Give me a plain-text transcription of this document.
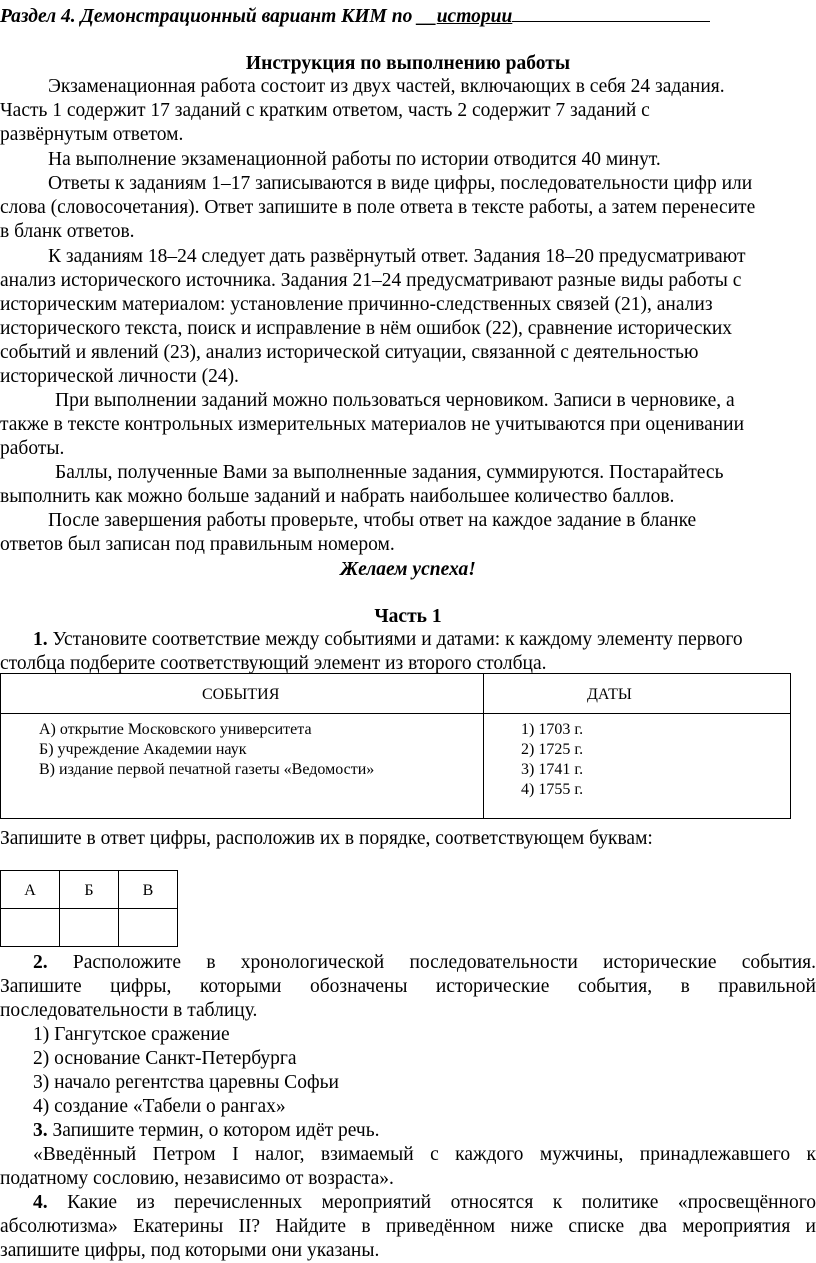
Раздел 4. Демонстрационный вариант КИМ по __истории
Инструкция по выполнению работы
Экзаменационная работа состоит из двух частей, включающих в себя 24 задания.
Часть 1 содержит 17 заданий с кратким ответом, часть 2 содержит 7 заданий с
развёрнутым ответом.
На выполнение экзаменационной работы по истории отводится 40 минут.
Ответы к заданиям 1–17 записываются в виде цифры, последовательности цифр или
слова (словосочетания). Ответ запишите в поле ответа в тексте работы, а затем перенесите
в бланк ответов.
К заданиям 18–24 следует дать развёрнутый ответ. Задания 18–20 предусматривают
анализ исторического источника. Задания 21–24 предусматривают разные виды работы с
историческим материалом: установление причинно-следственных связей (21), анализ
исторического текста, поиск и исправление в нём ошибок (22), сравнение исторических
событий и явлений (23), анализ исторической ситуации, связанной с деятельностью
исторической личности (24).
При выполнении заданий можно пользоваться черновиком. Записи в черновике, а
также в тексте контрольных измерительных материалов не учитываются при оценивании
работы.
Баллы, полученные Вами за выполненные задания, суммируются. Постарайтесь
выполнить как можно больше заданий и набрать наибольшее количество баллов.
После завершения работы проверьте, чтобы ответ на каждое задание в бланке
ответов был записан под правильным номером.
Желаем успеха!
Часть 1
1. Установите соответствие между событиями и датами: к каждому элементу первого
столбца подберите соответствующий элемент из второго столбца.
СОБЫТИЯ	ДАТЫ
А) открытие Московского университета
Б) учреждение Академии наук
В) издание первой печатной газеты «Ведомости»
1) 1703 г.
2) 1725 г.
3) 1741 г.
4) 1755 г.
Запишите в ответ цифры, расположив их в порядке, соответствующем буквам:
А	Б	В
2. Расположите в хронологической последовательности исторические события.
Запишите цифры, которыми обозначены исторические события, в правильной
последовательности в таблицу.
1) Гангутское сражение
2) основание Санкт-Петербурга
3) начало регентства царевны Софьи
4) создание «Табели о рангах»
3. Запишите термин, о котором идёт речь.
«Введённый Петром I налог, взимаемый с каждого мужчины, принадлежавшего к
податному сословию, независимо от возраста».
4. Какие из перечисленных мероприятий относятся к политике «просвещённого
абсолютизма» Екатерины II? Найдите в приведённом ниже списке два мероприятия и
запишите цифры, под которыми они указаны.
